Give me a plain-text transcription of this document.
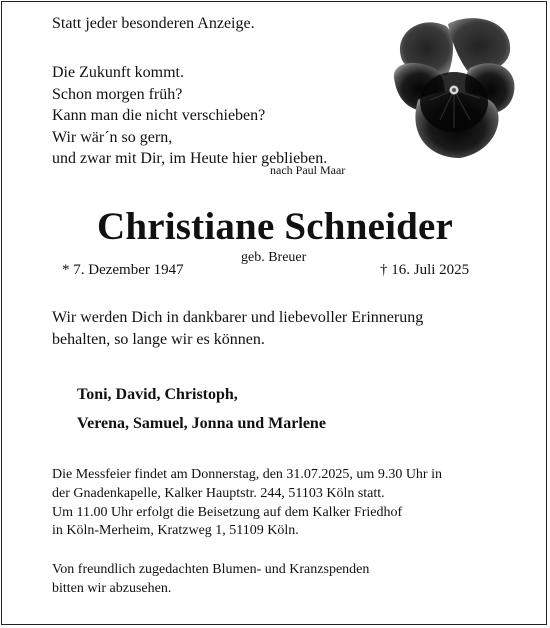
Statt jeder besonderen Anzeige.
Die Zukunft kommt.
Schon morgen früh?
Kann man die nicht verschieben?
Wir wär´n so gern,
und zwar mit Dir, im Heute hier geblieben.
nach Paul Maar
Christiane Schneider
geb. Breuer
* 7. Dezember 1947	† 16. Juli 2025
Wir werden Dich in dankbarer und liebevoller Erinnerung
behalten, so lange wir es können.
Toni, David, Christoph,
Verena, Samuel, Jonna und Marlene
Die Messfeier findet am Donnerstag, den 31.07.2025, um 9.30 Uhr in
der Gnadenkapelle, Kalker Hauptstr. 244, 51103 Köln statt.
Um 11.00 Uhr erfolgt die Beisetzung auf dem Kalker Friedhof
in Köln-Merheim, Kratzweg 1, 51109 Köln.
Von freundlich zugedachten Blumen- und Kranzspenden
bitten wir abzusehen.
